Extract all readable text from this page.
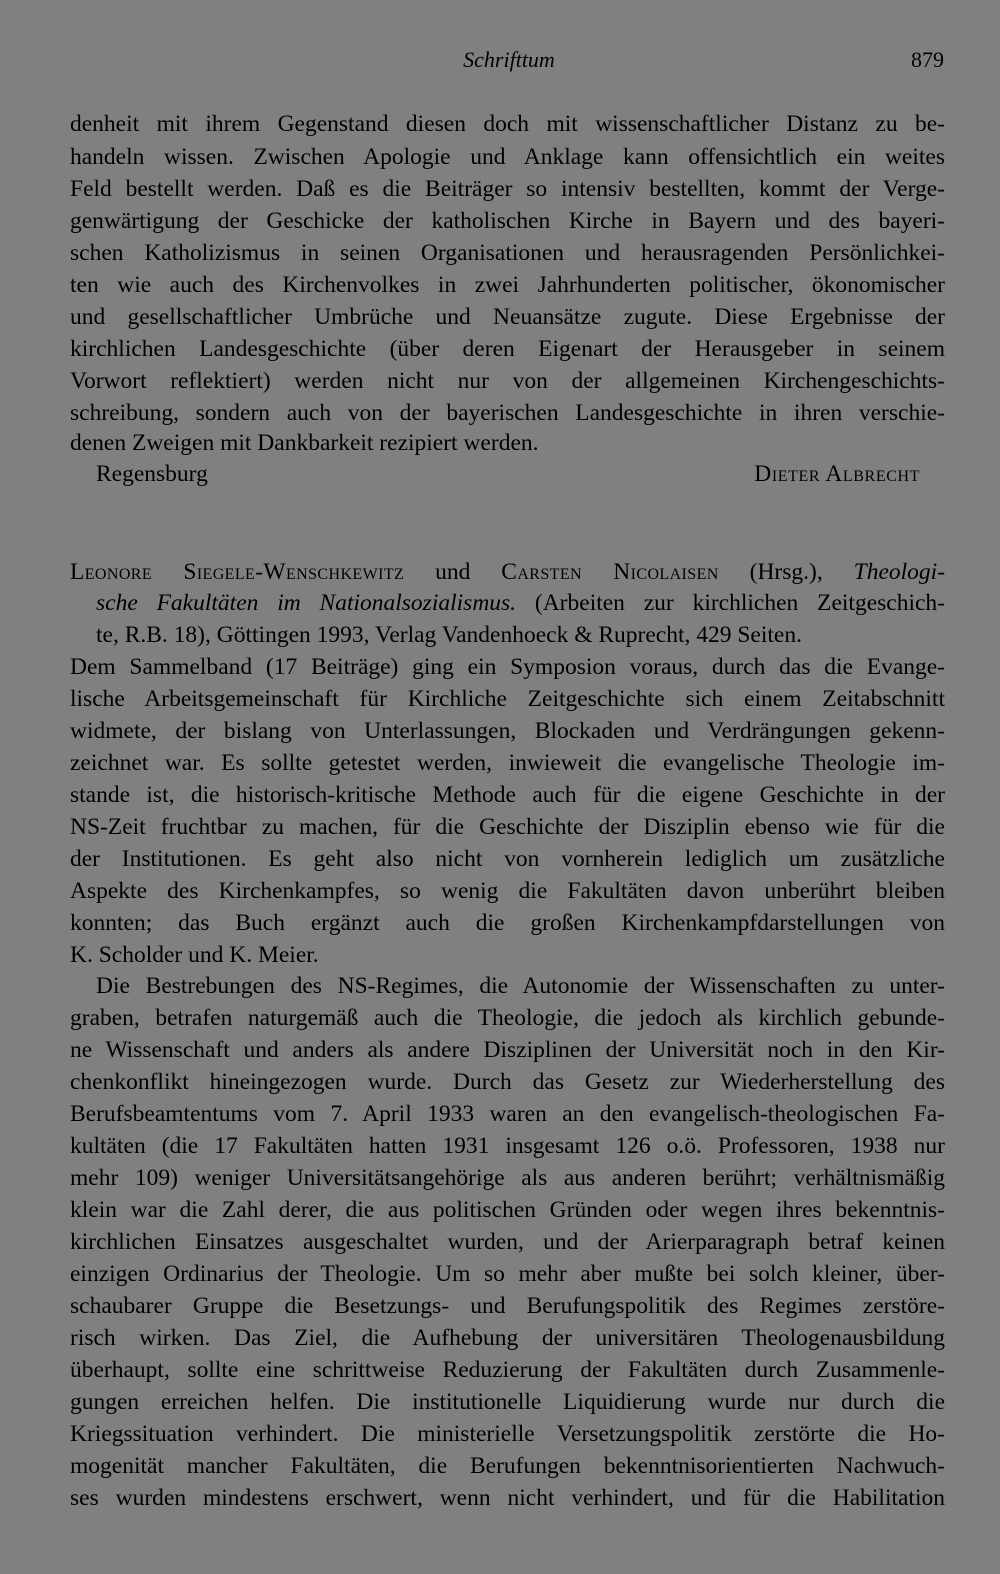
Schrifttum	879
denheit mit ihrem Gegenstand diesen doch mit wissenschaftlicher Distanz zu be-
handeln wissen. Zwischen Apologie und Anklage kann offensichtlich ein weites
Feld bestellt werden. Daß es die Beiträger so intensiv bestellten, kommt der Verge-
genwärtigung der Geschicke der katholischen Kirche in Bayern und des bayeri-
schen Katholizismus in seinen Organisationen und herausragenden Persönlichkei-
ten wie auch des Kirchenvolkes in zwei Jahrhunderten politischer, ökonomischer
und gesellschaftlicher Umbrüche und Neuansätze zugute. Diese Ergebnisse der
kirchlichen Landesgeschichte (über deren Eigenart der Herausgeber in seinem
Vorwort reflektiert) werden nicht nur von der allgemeinen Kirchengeschichts-
schreibung, sondern auch von der bayerischen Landesgeschichte in ihren verschie-
denen Zweigen mit Dankbarkeit rezipiert werden.
Regensburg	Dieter Albrecht
Leonore Siegele-Wenschkewitz und Carsten Nicolaisen (Hrsg.), Theologi-
sche Fakultäten im Nationalsozialismus. (Arbeiten zur kirchlichen Zeitgeschich-
te, R.B. 18), Göttingen 1993, Verlag Vandenhoeck & Ruprecht, 429 Seiten.
Dem Sammelband (17 Beiträge) ging ein Symposion voraus, durch das die Evange-
lische Arbeitsgemeinschaft für Kirchliche Zeitgeschichte sich einem Zeitabschnitt
widmete, der bislang von Unterlassungen, Blockaden und Verdrängungen gekenn-
zeichnet war. Es sollte getestet werden, inwieweit die evangelische Theologie im-
stande ist, die historisch-kritische Methode auch für die eigene Geschichte in der
NS-Zeit fruchtbar zu machen, für die Geschichte der Disziplin ebenso wie für die
der Institutionen. Es geht also nicht von vornherein lediglich um zusätzliche
Aspekte des Kirchenkampfes, so wenig die Fakultäten davon unberührt bleiben
konnten; das Buch ergänzt auch die großen Kirchenkampfdarstellungen von
K. Scholder und K. Meier.
Die Bestrebungen des NS-Regimes, die Autonomie der Wissenschaften zu unter-
graben, betrafen naturgemäß auch die Theologie, die jedoch als kirchlich gebunde-
ne Wissenschaft und anders als andere Disziplinen der Universität noch in den Kir-
chenkonflikt hineingezogen wurde. Durch das Gesetz zur Wiederherstellung des
Berufsbeamtentums vom 7. April 1933 waren an den evangelisch-theologischen Fa-
kultäten (die 17 Fakultäten hatten 1931 insgesamt 126 o.ö. Professoren, 1938 nur
mehr 109) weniger Universitätsangehörige als aus anderen berührt; verhältnismäßig
klein war die Zahl derer, die aus politischen Gründen oder wegen ihres bekenntnis-
kirchlichen Einsatzes ausgeschaltet wurden, und der Arierparagraph betraf keinen
einzigen Ordinarius der Theologie. Um so mehr aber mußte bei solch kleiner, über-
schaubarer Gruppe die Besetzungs- und Berufungspolitik des Regimes zerstöre-
risch wirken. Das Ziel, die Aufhebung der universitären Theologenausbildung
überhaupt, sollte eine schrittweise Reduzierung der Fakultäten durch Zusammenle-
gungen erreichen helfen. Die institutionelle Liquidierung wurde nur durch die
Kriegssituation verhindert. Die ministerielle Versetzungspolitik zerstörte die Ho-
mogenität mancher Fakultäten, die Berufungen bekenntnisorientierten Nachwuch-
ses wurden mindestens erschwert, wenn nicht verhindert, und für die Habilitation
